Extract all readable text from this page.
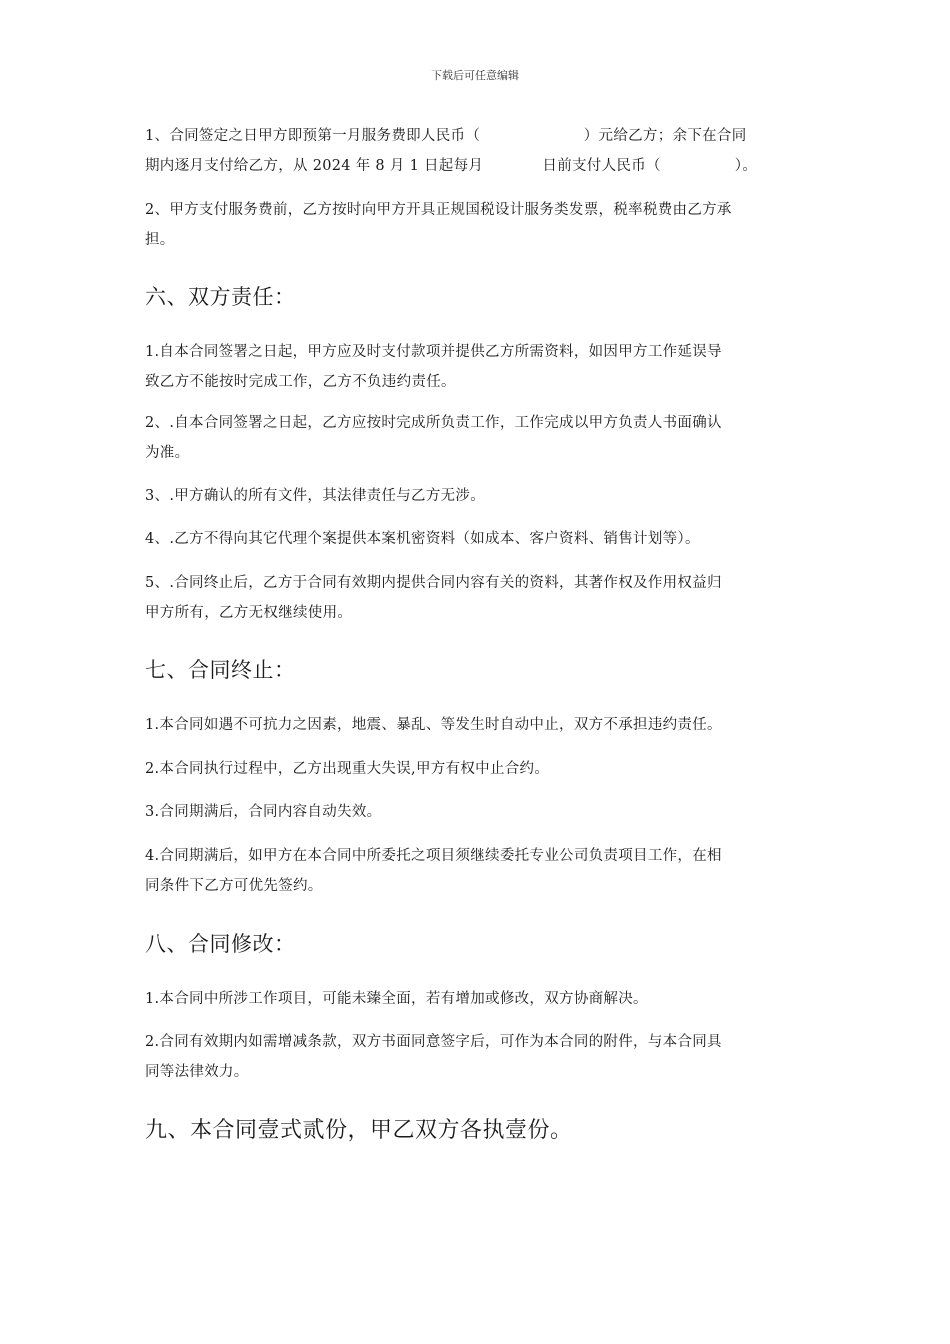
下载后可任意编辑
1、合同签定之日甲方即预第一月服务费即人民币（　　　　　　　）元给乙方；余下在合同
期内逐月支付给乙方，从 2024 年 8 月 1 日起每月　　　　日前支付人民币（　　　　　）。
2、甲方支付服务费前，乙方按时向甲方开具正规国税设计服务类发票，税率税费由乙方承
担。
六、双方责任：
1.自本合同签署之日起，甲方应及时支付款项并提供乙方所需资料，如因甲方工作延误导
致乙方不能按时完成工作，乙方不负违约责任。
2、.自本合同签署之日起，乙方应按时完成所负责工作，工作完成以甲方负责人书面确认
为准。
3、.甲方确认的所有文件，其法律责任与乙方无涉。
4、.乙方不得向其它代理个案提供本案机密资料（如成本、客户资料、销售计划等）。
5、.合同终止后，乙方于合同有效期内提供合同内容有关的资料，其著作权及作用权益归
甲方所有，乙方无权继续使用。
七、合同终止：
1.本合同如遇不可抗力之因素，地震、暴乱、等发生时自动中止，双方不承担违约责任。
2.本合同执行过程中，乙方出现重大失误,甲方有权中止合约。
3.合同期满后，合同内容自动失效。
4.合同期满后，如甲方在本合同中所委托之项目须继续委托专业公司负责项目工作，在相
同条件下乙方可优先签约。
八、合同修改：
1.本合同中所涉工作项目，可能未臻全面，若有增加或修改，双方协商解决。
2.合同有效期内如需增减条款，双方书面同意签字后，可作为本合同的附件，与本合同具
同等法律效力。
九、本合同壹式贰份，甲乙双方各执壹份。
